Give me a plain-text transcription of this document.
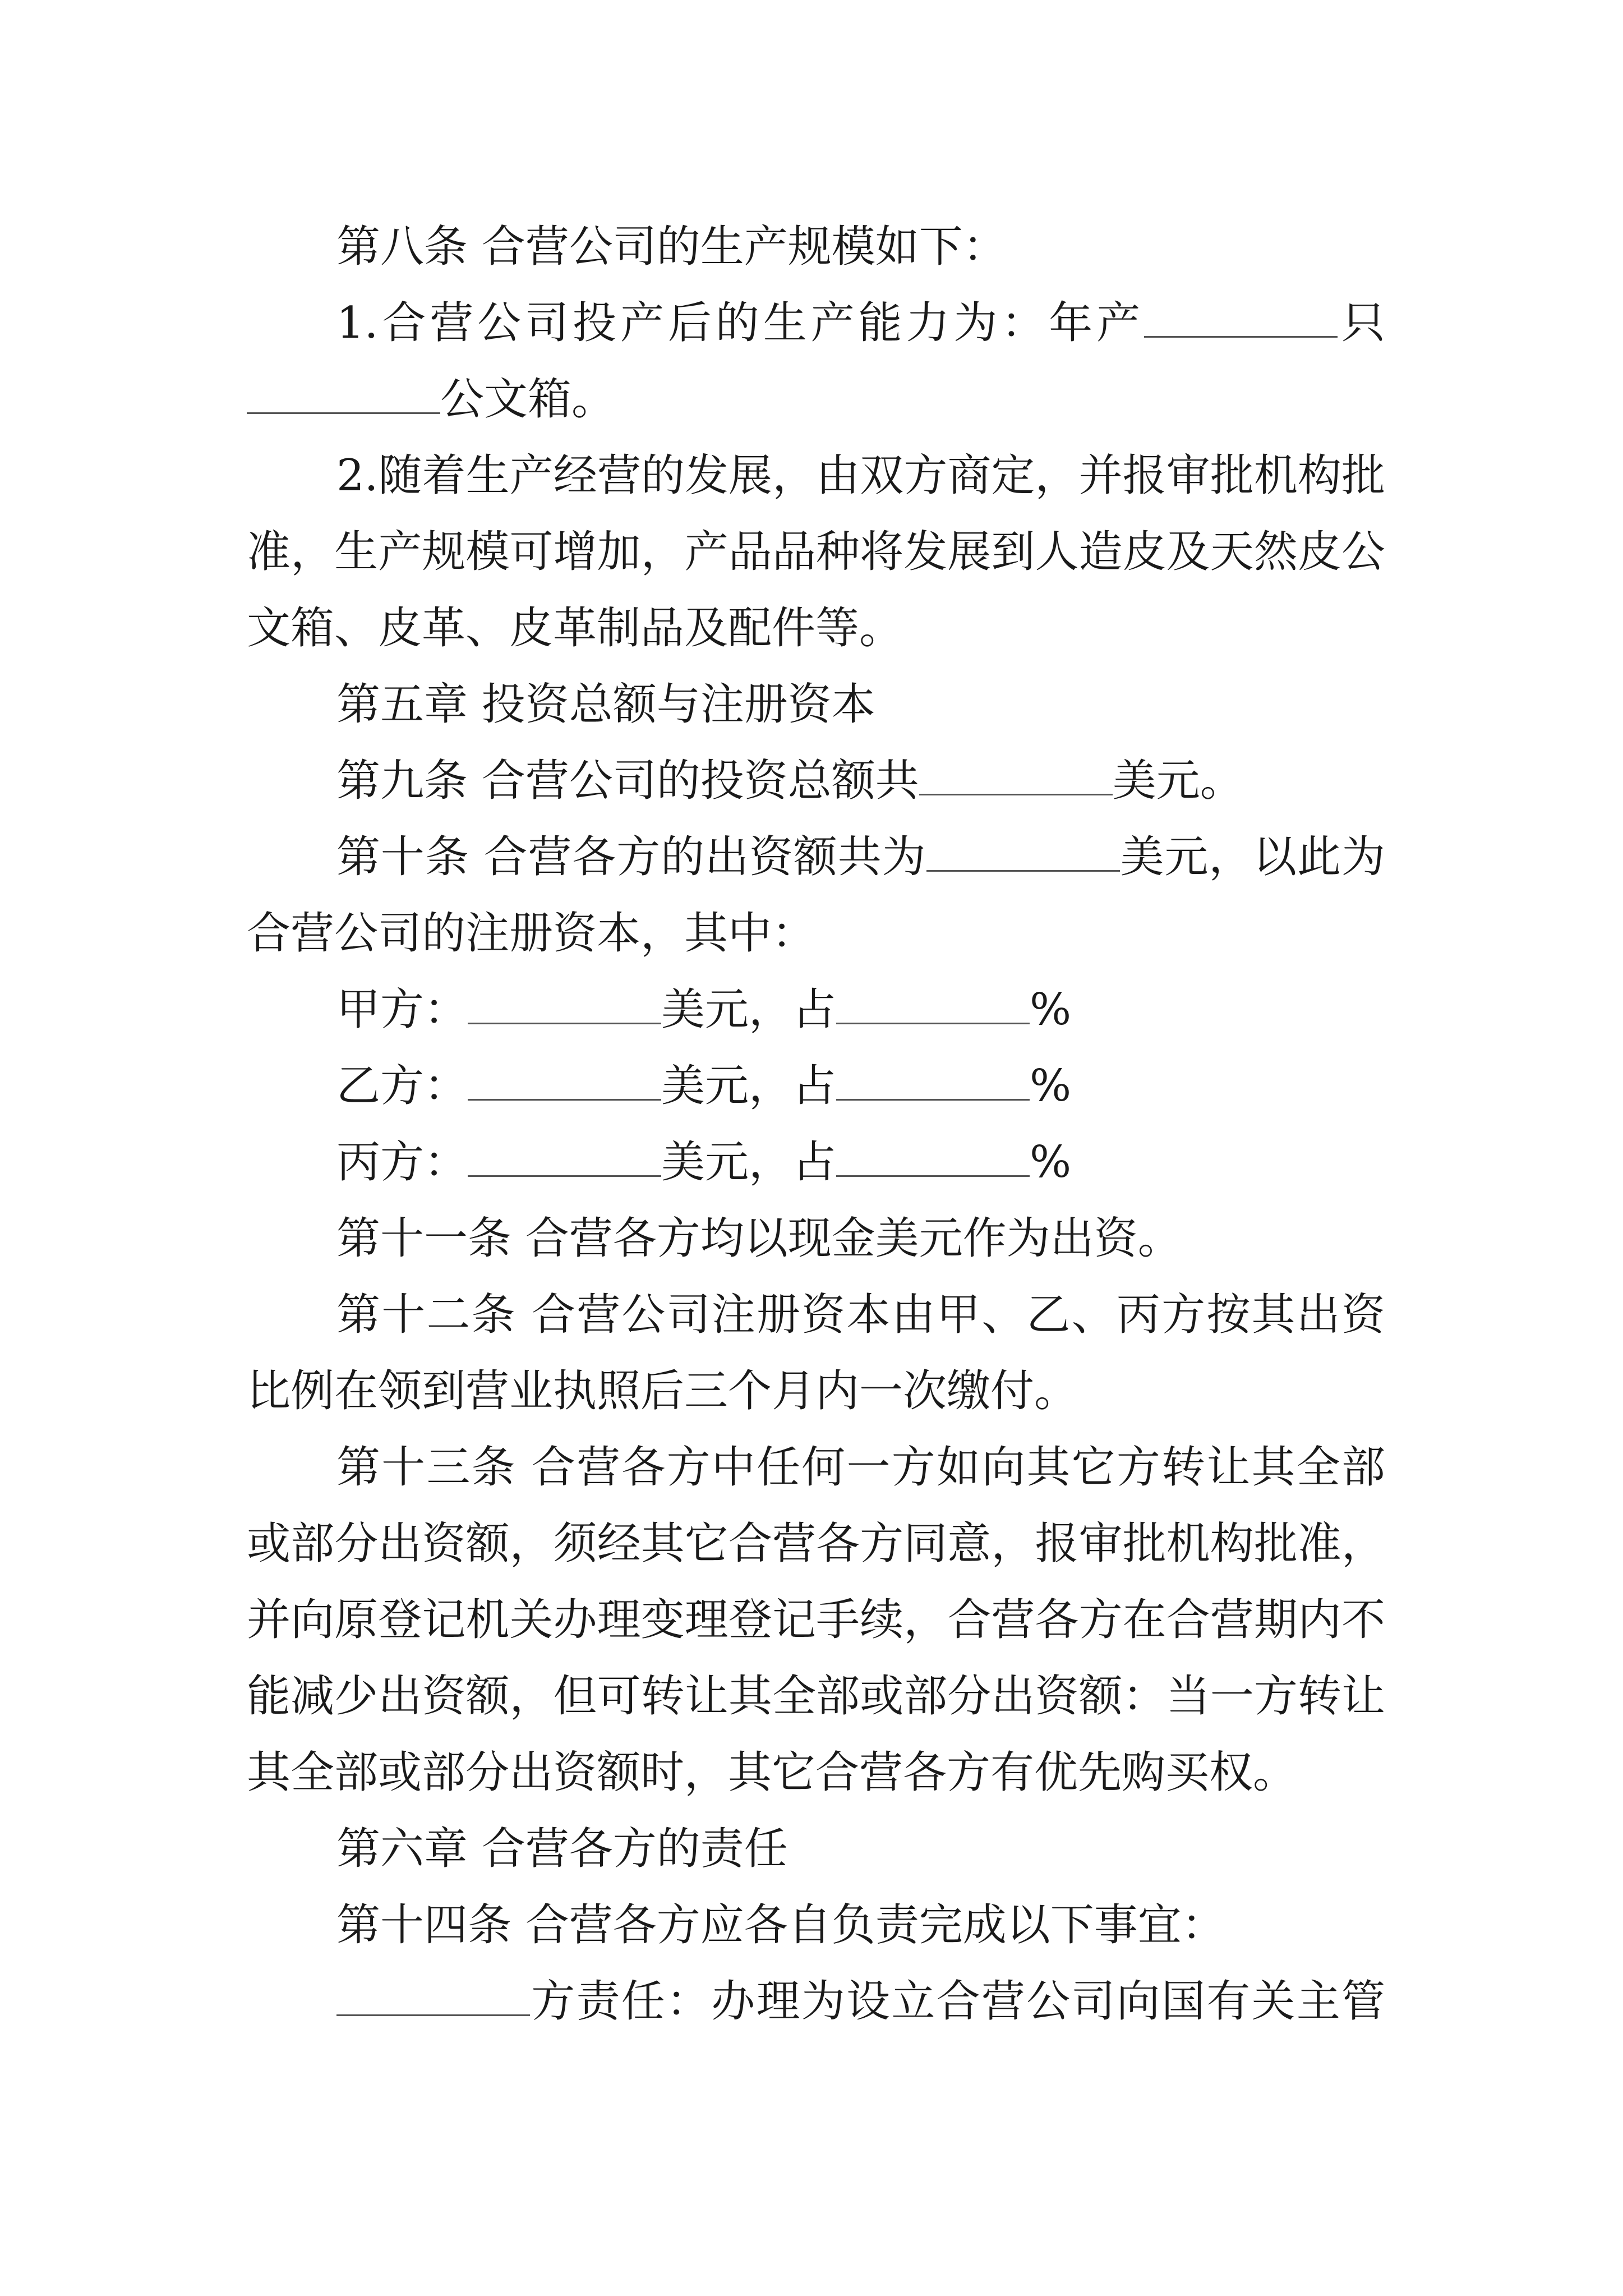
第八条 合营公司的生产规模如下：
1.合营公司投产后的生产能力为：年产	只
公文箱。
2.随着生产经营的发展，由双方商定，并报审批机构批
准，生产规模可增加，产品品种将发展到人造皮及天然皮公
文箱、皮革、皮革制品及配件等。
第五章 投资总额与注册资本
第九条 合营公司的投资总额共	美元。
第十条 合营各方的出资额共为	美元，以此为
合营公司的注册资本，其中：
甲方：	美元，占	%
乙方：	美元，占	%
丙方：	美元，占	%
第十一条 合营各方均以现金美元作为出资。
第十二条 合营公司注册资本由甲、乙、丙方按其出资
比例在领到营业执照后三个月内一次缴付。
第十三条 合营各方中任何一方如向其它方转让其全部
或部分出资额，须经其它合营各方同意，报审批机构批准，
并向原登记机关办理变理登记手续，合营各方在合营期内不
能减少出资额，但可转让其全部或部分出资额：当一方转让
其全部或部分出资额时，其它合营各方有优先购买权。
第六章 合营各方的责任
第十四条 合营各方应各自负责完成以下事宜：
方责任：办理为设立合营公司向国有关主管
